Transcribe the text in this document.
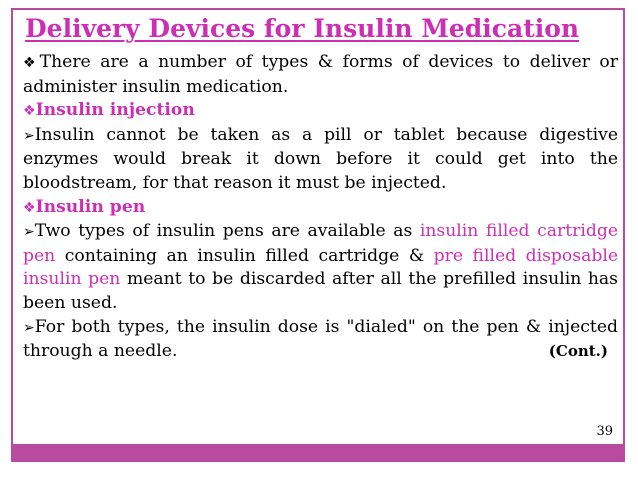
Delivery Devices for Insulin Medication

❖There are a number of types & forms of devices to deliver or administer insulin medication.

❖Insulin injection

➢Insulin cannot be taken as a pill or tablet because digestive enzymes would break it down before it could get into the bloodstream, for that reason it must be injected.

❖Insulin pen

➢Two types of insulin pens are available as insulin filled cartridge pen containing an insulin filled cartridge & pre filled disposable insulin pen meant to be discarded after all the prefilled insulin has been used.

➢For both types, the insulin dose is "dialed" on the pen & injected through a needle.	(Cont.)

39
